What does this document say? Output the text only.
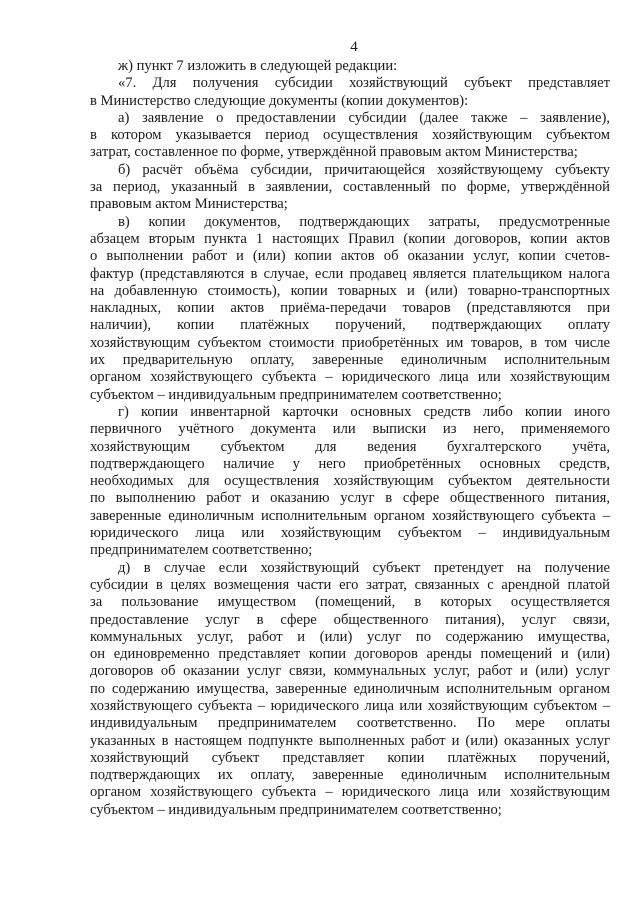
4
ж) пункт 7 изложить в следующей редакции:
«7. Для получения субсидии хозяйствующий субъект представляет
в Министерство следующие документы (копии документов):
а) заявление о предоставлении субсидии (далее также – заявление),
в котором указывается период осуществления хозяйствующим субъектом
затрат, составленное по форме, утверждённой правовым актом Министерства;
б) расчёт объёма субсидии, причитающейся хозяйствующему субъекту
за период, указанный в заявлении, составленный по форме, утверждённой
правовым актом Министерства;
в) копии документов, подтверждающих затраты, предусмотренные
абзацем вторым пункта 1 настоящих Правил (копии договоров, копии актов
о выполнении работ и (или) копии актов об оказании услуг, копии счетов-
фактур (представляются в случае, если продавец является плательщиком налога
на добавленную стоимость), копии товарных и (или) товарно-транспортных
накладных, копии актов приёма-передачи товаров (представляются при
наличии), копии платёжных поручений, подтверждающих оплату
хозяйствующим субъектом стоимости приобретённых им товаров, в том числе
их предварительную оплату, заверенные единоличным исполнительным
органом хозяйствующего субъекта – юридического лица или хозяйствующим
субъектом – индивидуальным предпринимателем соответственно;
г) копии инвентарной карточки основных средств либо копии иного
первичного учётного документа или выписки из него, применяемого
хозяйствующим субъектом для ведения бухгалтерского учёта,
подтверждающего наличие у него приобретённых основных средств,
необходимых для осуществления хозяйствующим субъектом деятельности
по выполнению работ и оказанию услуг в сфере общественного питания,
заверенные единоличным исполнительным органом хозяйствующего субъекта –
юридического лица или хозяйствующим субъектом – индивидуальным
предпринимателем соответственно;
д) в случае если хозяйствующий субъект претендует на получение
субсидии в целях возмещения части его затрат, связанных с арендной платой
за пользование имуществом (помещений, в которых осуществляется
предоставление услуг в сфере общественного питания), услуг связи,
коммунальных услуг, работ и (или) услуг по содержанию имущества,
он единовременно представляет копии договоров аренды помещений и (или)
договоров об оказании услуг связи, коммунальных услуг, работ и (или) услуг
по содержанию имущества, заверенные единоличным исполнительным органом
хозяйствующего субъекта – юридического лица или хозяйствующим субъектом –
индивидуальным предпринимателем соответственно. По мере оплаты
указанных в настоящем подпункте выполненных работ и (или) оказанных услуг
хозяйствующий субъект представляет копии платёжных поручений,
подтверждающих их оплату, заверенные единоличным исполнительным
органом хозяйствующего субъекта – юридического лица или хозяйствующим
субъектом – индивидуальным предпринимателем соответственно;
